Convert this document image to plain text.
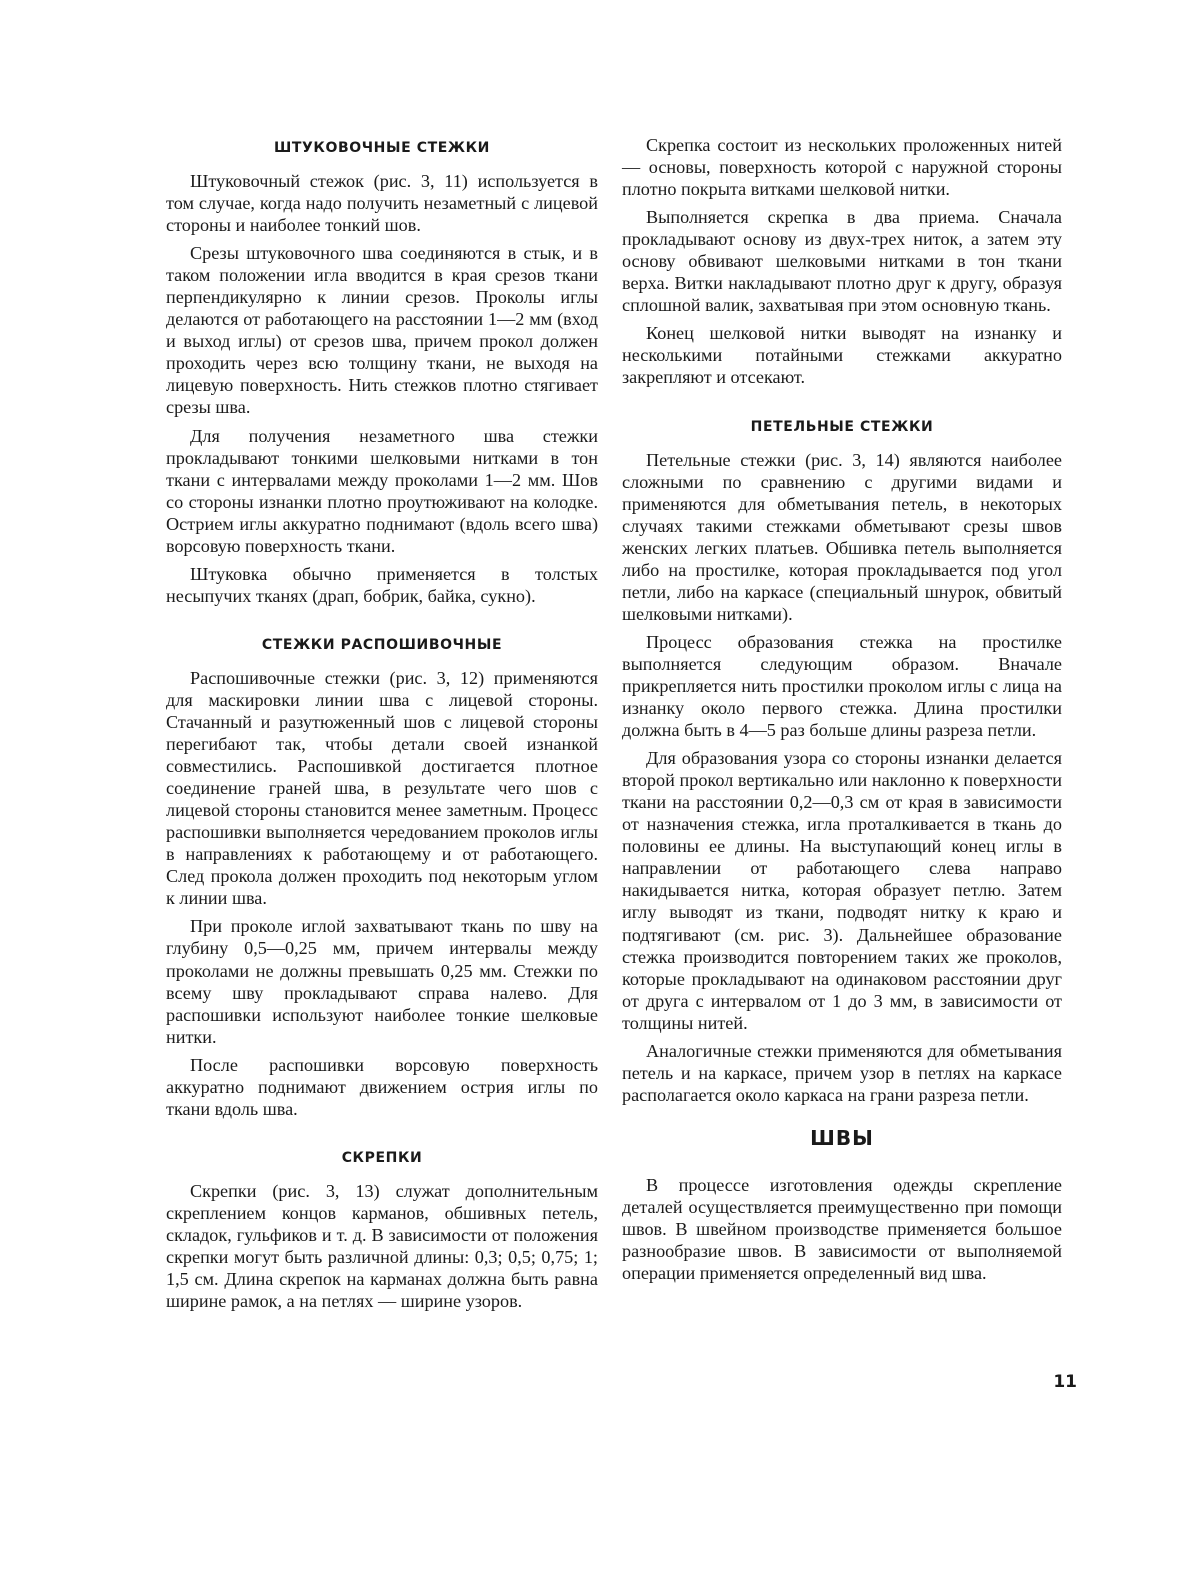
ШТУКОВОЧНЫЕ СТЕЖКИ

Штуковочный стежок (рис. 3, 11) используется в том случае, когда надо получить незаметный с лицевой стороны и наиболее тонкий шов.

Срезы штуковочного шва соединяются в стык, и в таком положении игла вводится в края срезов ткани перпендикулярно к линии срезов. Проколы иглы делаются от работающего на расстоянии 1—2 мм (вход и выход иглы) от срезов шва, причем прокол должен проходить через всю толщину ткани, не выходя на лицевую поверхность. Нить стежков плотно стягивает срезы шва.

Для получения незаметного шва стежки прокладывают тонкими шелковыми нитками в тон ткани с интервалами между проколами 1—2 мм. Шов со стороны изнанки плотно проутюживают на колодке. Острием иглы аккуратно поднимают (вдоль всего шва) ворсовую поверхность ткани.

Штуковка обычно применяется в толстых несыпучих тканях (драп, бобрик, байка, сукно).

СТЕЖКИ РАСПОШИВОЧНЫЕ

Распошивочные стежки (рис. 3, 12) применяются для маскировки линии шва с лицевой стороны. Стачанный и разутюженный шов с лицевой стороны перегибают так, чтобы детали своей изнанкой совместились. Распошивкой достигается плотное соединение граней шва, в результате чего шов с лицевой стороны становится менее заметным. Процесс распошивки выполняется чередованием проколов иглы в направлениях к работающему и от работающего. След прокола должен проходить под некоторым углом к линии шва.

При проколе иглой захватывают ткань по шву на глубину 0,5—0,25 мм, причем интервалы между проколами не должны превышать 0,25 мм. Стежки по всему шву прокладывают справа налево. Для распошивки используют наиболее тонкие шелковые нитки.

После распошивки ворсовую поверхность аккуратно поднимают движением острия иглы по ткани вдоль шва.

СКРЕПКИ

Скрепки (рис. 3, 13) служат дополнительным скреплением концов карманов, обшивных петель, складок, гульфиков и т. д. В зависимости от положения скрепки могут быть различной длины: 0,3; 0,5; 0,75; 1; 1,5 см. Длина скрепок на карманах должна быть равна ширине рамок, а на петлях — ширине узоров.

Скрепка состоит из нескольких проложенных нитей — основы, поверхность которой с наружной стороны плотно покрыта витками шелковой нитки.

Выполняется скрепка в два приема. Сначала прокладывают основу из двух-трех ниток, а затем эту основу обвивают шелковыми нитками в тон ткани верха. Витки накладывают плотно друг к другу, образуя сплошной валик, захватывая при этом основную ткань.

Конец шелковой нитки выводят на изнанку и несколькими потайными стежками аккуратно закрепляют и отсекают.

ПЕТЕЛЬНЫЕ СТЕЖКИ

Петельные стежки (рис. 3, 14) являются наиболее сложными по сравнению с другими видами и применяются для обметывания петель, в некоторых случаях такими стежками обметывают срезы швов женских легких платьев. Обшивка петель выполняется либо на простилке, которая прокладывается под угол петли, либо на каркасе (специальный шнурок, обвитый шелковыми нитками).

Процесс образования стежка на простилке выполняется следующим образом. Вначале прикрепляется нить простилки проколом иглы с лица на изнанку около первого стежка. Длина простилки должна быть в 4—5 раз больше длины разреза петли.

Для образования узора со стороны изнанки делается второй прокол вертикально или наклонно к поверхности ткани на расстоянии 0,2—0,3 см от края в зависимости от назначения стежка, игла проталкивается в ткань до половины ее длины. На выступающий конец иглы в направлении от работающего слева направо накидывается нитка, которая образует петлю. Затем иглу выводят из ткани, подводят нитку к краю и подтягивают (см. рис. 3). Дальнейшее образование стежка производится повторением таких же проколов, которые прокладывают на одинаковом расстоянии друг от друга с интервалом от 1 до 3 мм, в зависимости от толщины нитей.

Аналогичные стежки применяются для обметывания петель и на каркасе, причем узор в петлях на каркасе располагается около каркаса на грани разреза петли.

ШВЫ

В процессе изготовления одежды скрепление деталей осуществляется преимущественно при помощи швов. В швейном производстве применяется большое разнообразие швов. В зависимости от выполняемой операции применяется определенный вид шва.

11
